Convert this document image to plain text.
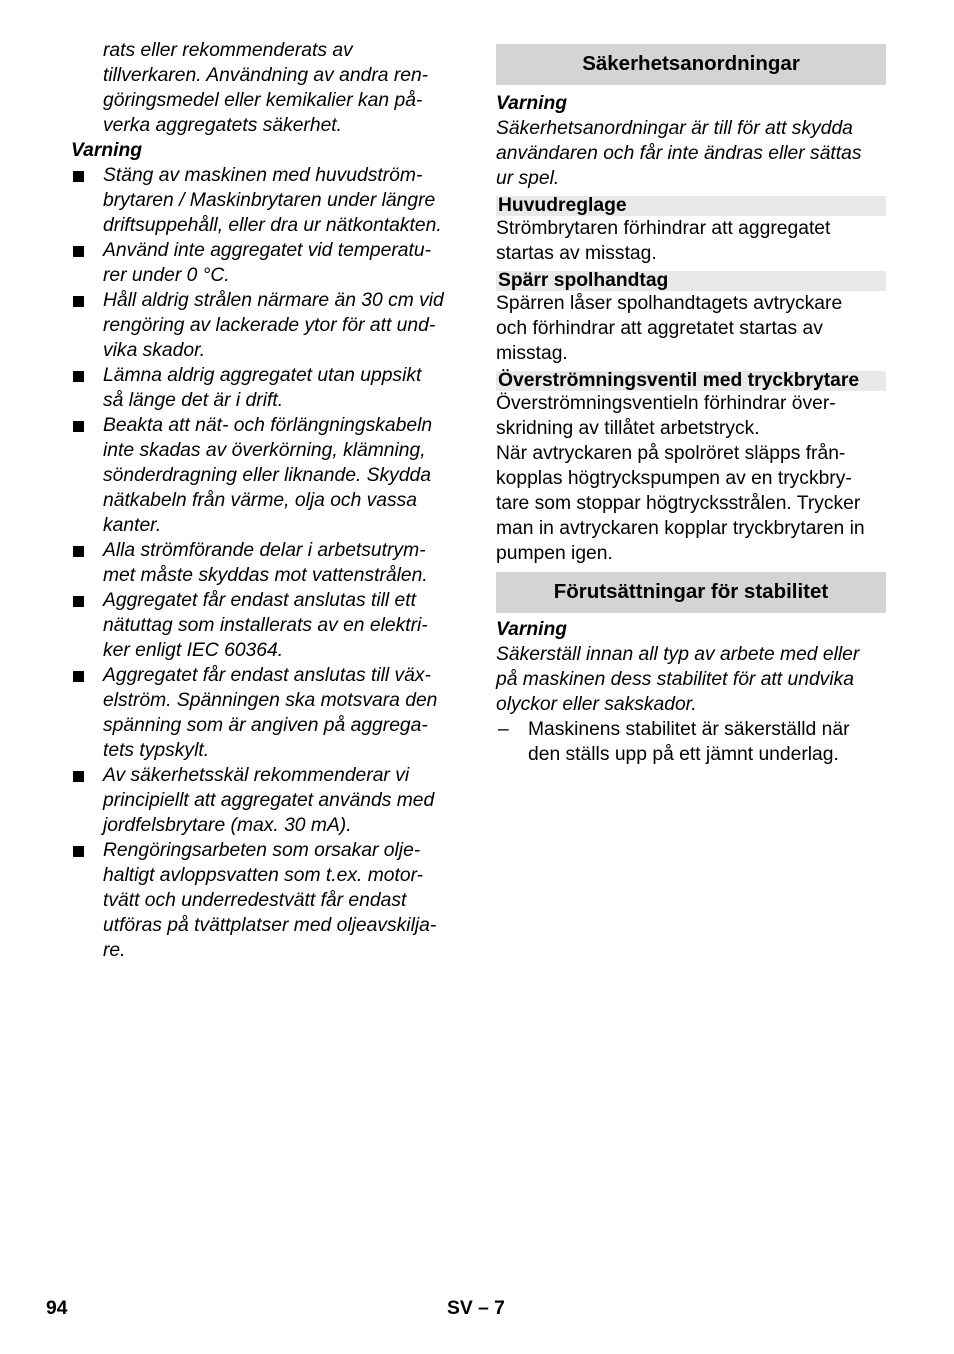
rats eller rekommenderats av
tillverkaren. Användning av andra ren-
göringsmedel eller kemikalier kan på-
verka aggregatets säkerhet.
Varning
Stäng av maskinen med huvudström-
brytaren / Maskinbrytaren under längre
driftsuppehåll, eller dra ur nätkontakten.
Använd inte aggregatet vid temperatu-
rer under 0 °C.
Håll aldrig strålen närmare än 30 cm vid
rengöring av lackerade ytor för att und-
vika skador.
Lämna aldrig aggregatet utan uppsikt
så länge det är i drift.
Beakta att nät- och förlängningskabeln
inte skadas av överkörning, klämning,
sönderdragning eller liknande. Skydda
nätkabeln från värme, olja och vassa
kanter.
Alla strömförande delar i arbetsutrym-
met måste skyddas mot vattenstrålen.
Aggregatet får endast anslutas till ett
nätuttag som installerats av en elektri-
ker enligt IEC 60364.
Aggregatet får endast anslutas till väx-
elström. Spänningen ska motsvara den
spänning som är angiven på aggrega-
tets typskylt.
Av säkerhetsskäl rekommenderar vi
principiellt att aggregatet används med
jordfelsbrytare (max. 30 mA).
Rengöringsarbeten som orsakar olje-
haltigt avloppsvatten som t.ex. motor-
tvätt och underredestvätt får endast
utföras på tvättplatser med oljeavskilja-
re.
Säkerhetsanordningar
Varning
Säkerhetsanordningar är till för att skydda
användaren och får inte ändras eller sättas
ur spel.
Huvudreglage
Strömbrytaren förhindrar att aggregatet
startas av misstag.
Spärr spolhandtag
Spärren låser spolhandtagets avtryckare
och förhindrar att aggretatet startas av
misstag.
Överströmningsventil med tryckbrytare
Överströmningsventieln förhindrar över-
skridning av tillåtet arbetstryck.
När avtryckaren på spolröret släpps från-
kopplas högtryckspumpen av en tryckbry-
tare som stoppar högtrycksstrålen. Trycker
man in avtryckaren kopplar tryckbrytaren in
pumpen igen.
Förutsättningar för stabilitet
Varning
Säkerställ innan all typ av arbete med eller
på maskinen dess stabilitet för att undvika
olyckor eller sakskador.
– Maskinens stabilitet är säkerställd när
den ställs upp på ett jämnt underlag.
94	SV – 7
